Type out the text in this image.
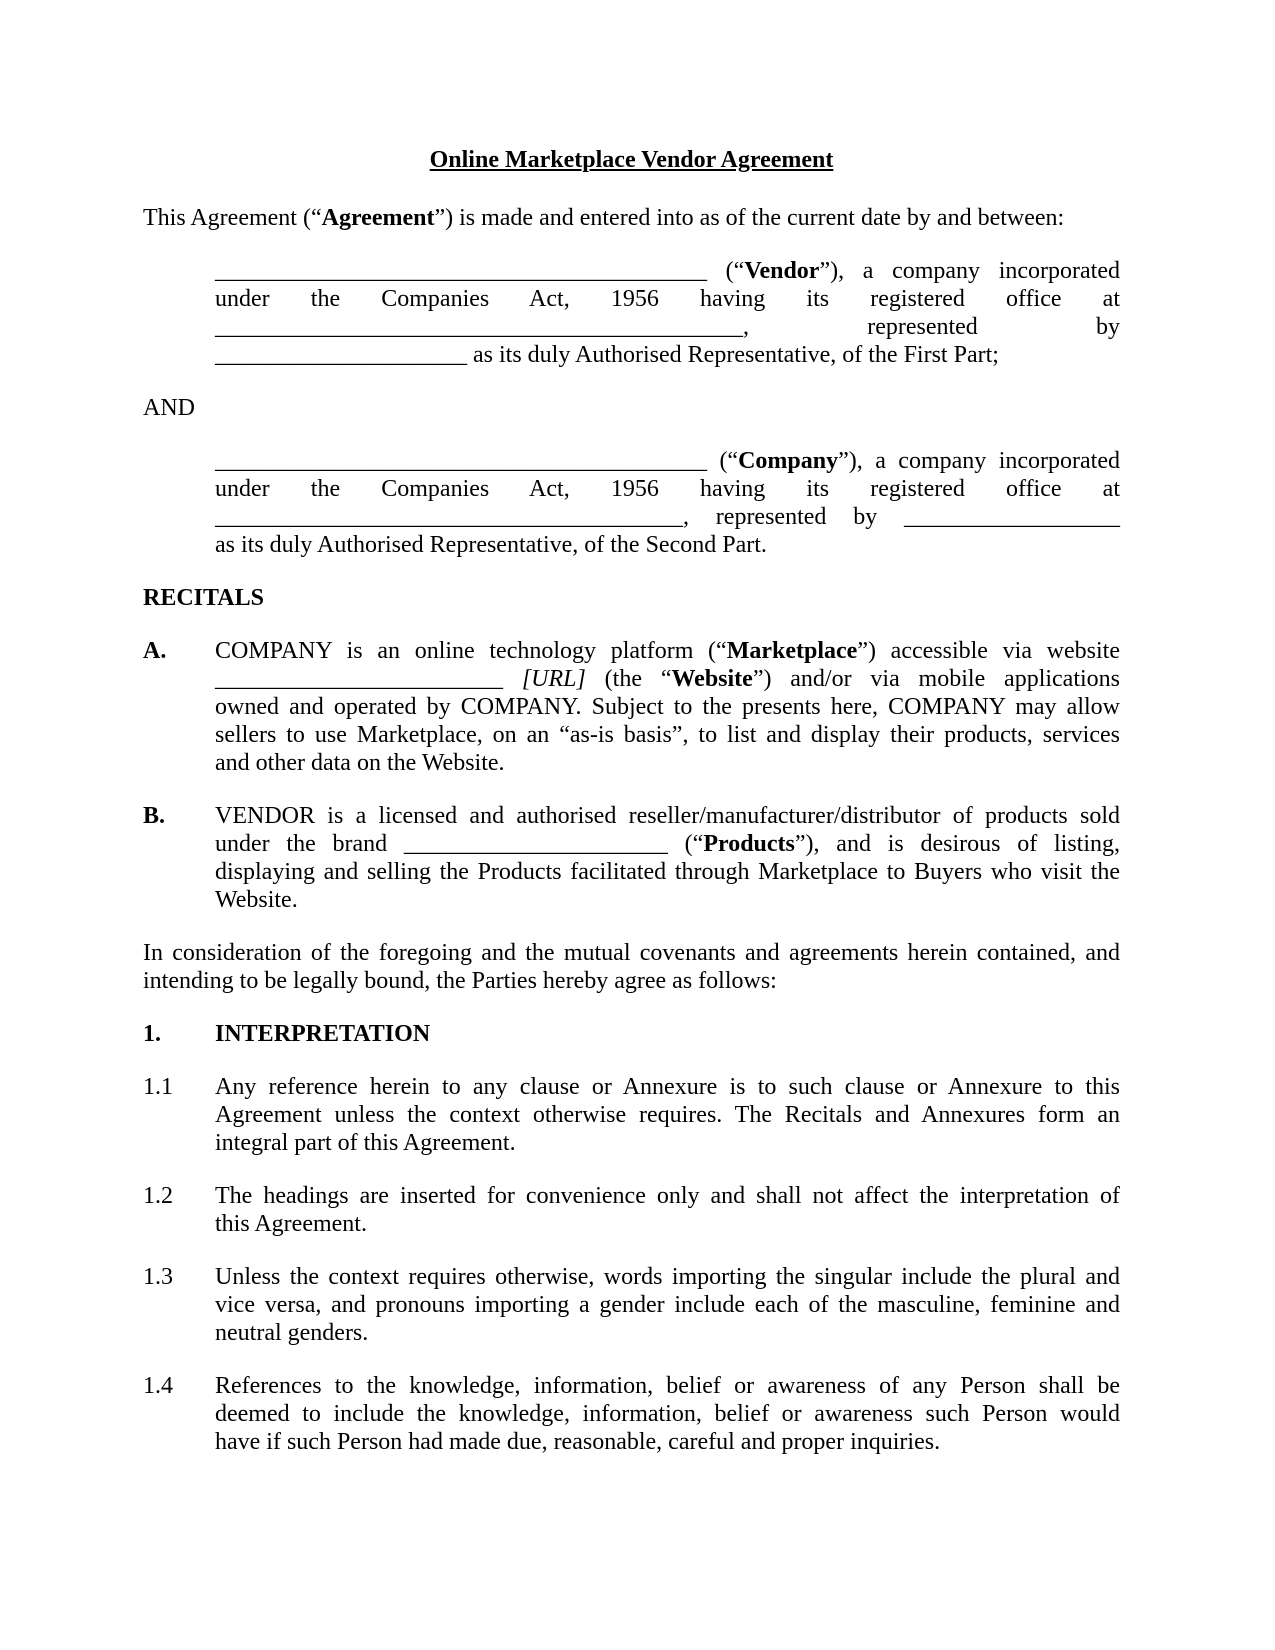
Online Marketplace Vendor Agreement
This Agreement (“Agreement”) is made and entered into as of the current date by and between:
_________________________________________ (“Vendor”), a company incorporated
under the Companies Act, 1956 having its registered office at
____________________________________________, represented by
_____________________ as its duly Authorised Representative, of the First Part;
AND
_________________________________________ (“Company”), a company incorporated
under the Companies Act, 1956 having its registered office at
_______________________________________, represented by __________________
as its duly Authorised Representative, of the Second Part.
RECITALS
A.	COMPANY is an online technology platform (“Marketplace”) accessible via website
________________________ [URL] (the “Website”) and/or via mobile applications
owned and operated by COMPANY. Subject to the presents here, COMPANY may allow
sellers to use Marketplace, on an “as-is basis”, to list and display their products, services
and other data on the Website.
B.	VENDOR is a licensed and authorised reseller/manufacturer/distributor of products sold
under the brand ______________________ (“Products”), and is desirous of listing,
displaying and selling the Products facilitated through Marketplace to Buyers who visit the
Website.
In consideration of the foregoing and the mutual covenants and agreements herein contained, and
intending to be legally bound, the Parties hereby agree as follows:
1.	INTERPRETATION
1.1	Any reference herein to any clause or Annexure is to such clause or Annexure to this
Agreement unless the context otherwise requires. The Recitals and Annexures form an
integral part of this Agreement.
1.2	The headings are inserted for convenience only and shall not affect the interpretation of
this Agreement.
1.3	Unless the context requires otherwise, words importing the singular include the plural and
vice versa, and pronouns importing a gender include each of the masculine, feminine and
neutral genders.
1.4	References to the knowledge, information, belief or awareness of any Person shall be
deemed to include the knowledge, information, belief or awareness such Person would
have if such Person had made due, reasonable, careful and proper inquiries.
